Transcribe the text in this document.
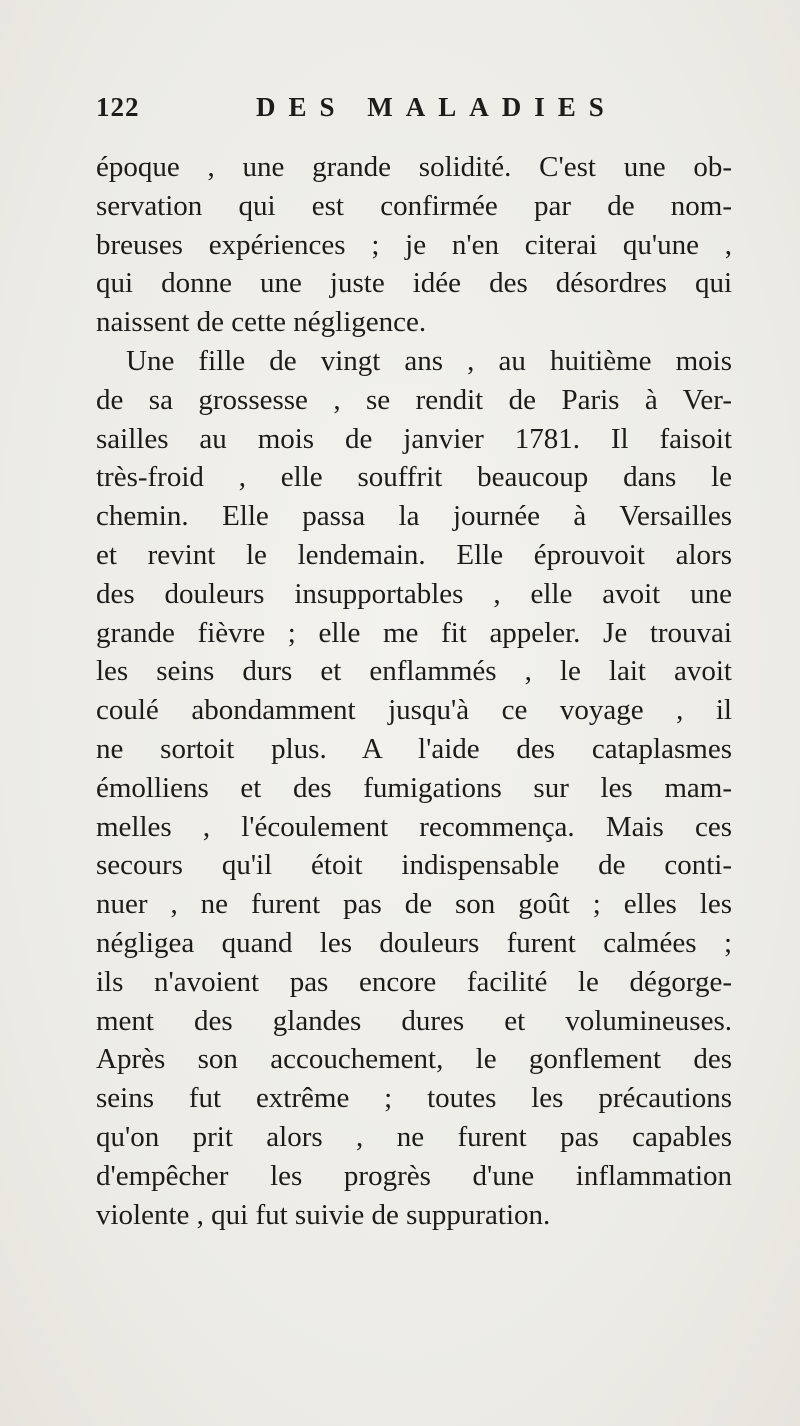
122	DES MALADIES
époque , une grande solidité. C'est une ob-
servation qui est confirmée par de nom-
breuses expériences ; je n'en citerai qu'une ,
qui donne une juste idée des désordres qui
naissent de cette négligence.
Une fille de vingt ans , au huitième mois
de sa grossesse , se rendit de Paris à Ver-
sailles au mois de janvier 1781. Il faisoit
très-froid , elle souffrit beaucoup dans le
chemin. Elle passa la journée à Versailles
et revint le lendemain. Elle éprouvoit alors
des douleurs insupportables , elle avoit une
grande fièvre ; elle me fit appeler. Je trouvai
les seins durs et enflammés , le lait avoit
coulé abondamment jusqu'à ce voyage , il
ne sortoit plus. A l'aide des cataplasmes
émolliens et des fumigations sur les mam-
melles , l'écoulement recommença. Mais ces
secours qu'il étoit indispensable de conti-
nuer , ne furent pas de son goût ; elles les
négligea quand les douleurs furent calmées ;
ils n'avoient pas encore facilité le dégorge-
ment des glandes dures et volumineuses.
Après son accouchement, le gonflement des
seins fut extrême ; toutes les précautions
qu'on prit alors , ne furent pas capables
d'empêcher les progrès d'une inflammation
violente , qui fut suivie de suppuration.
